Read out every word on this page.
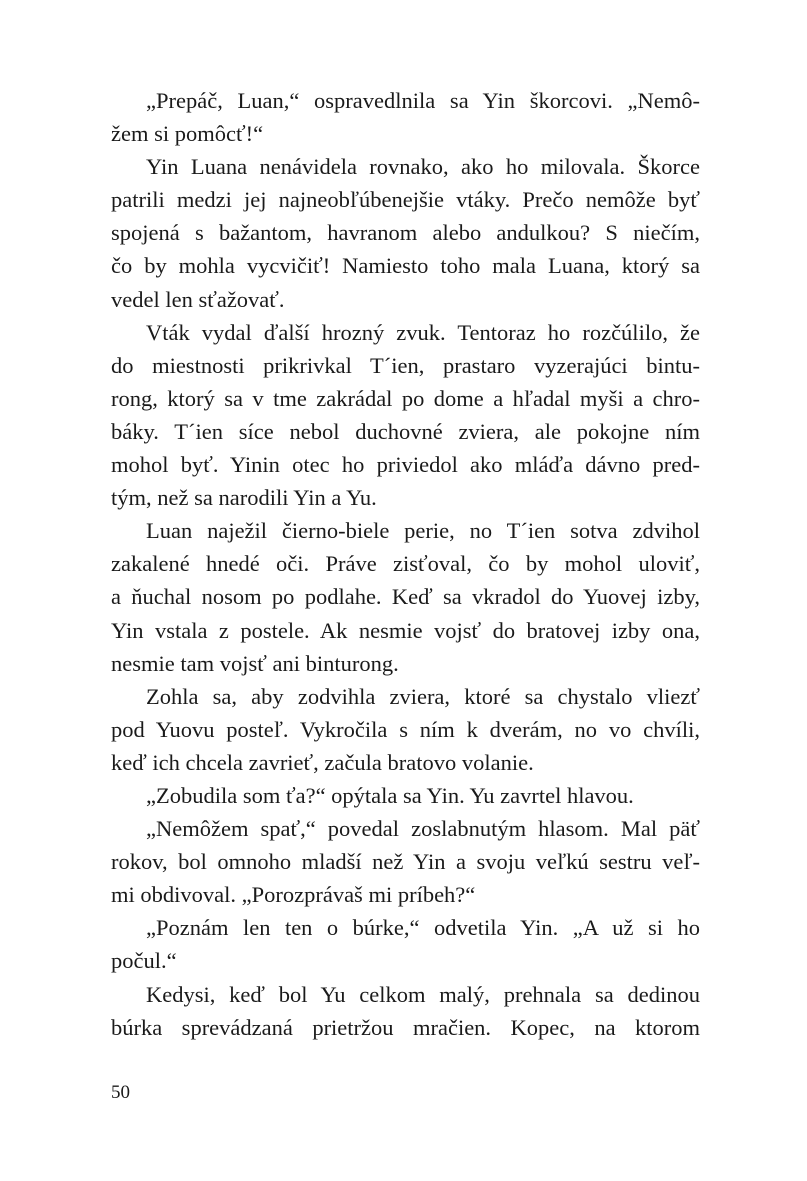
„Prepáč, Luan,“ ospravedlnila sa Yin škorcovi. „Nemô-
žem si pomôcť!“
Yin Luana nenávidela rovnako, ako ho milovala. Škorce
patrili medzi jej najneobľúbenejšie vtáky. Prečo nemôže byť
spojená s bažantom, havranom alebo andulkou? S niečím,
čo by mohla vycvičiť! Namiesto toho mala Luana, ktorý sa
vedel len sťažovať.
Vták vydal ďalší hrozný zvuk. Tentoraz ho rozčúlilo, že
do miestnosti prikrivkal T´ien, prastaro vyzerajúci bintu-
rong, ktorý sa v tme zakrádal po dome a hľadal myši a chro-
báky. T´ien síce nebol duchovné zviera, ale pokojne ním
mohol byť. Yinin otec ho priviedol ako mláďa dávno pred-
tým, než sa narodili Yin a Yu.
Luan naježil čierno-biele perie, no T´ien sotva zdvihol
zakalené hnedé oči. Práve zisťoval, čo by mohol uloviť,
a ňuchal nosom po podlahe. Keď sa vkradol do Yuovej izby,
Yin vstala z postele. Ak nesmie vojsť do bratovej izby ona,
nesmie tam vojsť ani binturong.
Zohla sa, aby zodvihla zviera, ktoré sa chystalo vliezť
pod Yuovu posteľ. Vykročila s ním k dverám, no vo chvíli,
keď ich chcela zavrieť, začula bratovo volanie.
„Zobudila som ťa?“ opýtala sa Yin. Yu zavrtel hlavou.
„Nemôžem spať,“ povedal zoslabnutým hlasom. Mal päť
rokov, bol omnoho mladší než Yin a svoju veľkú sestru veľ-
mi obdivoval. „Porozprávaš mi príbeh?“
„Poznám len ten o búrke,“ odvetila Yin. „A už si ho
počul.“
Kedysi, keď bol Yu celkom malý, prehnala sa dedinou
búrka sprevádzaná prietržou mračien. Kopec, na ktorom
50
